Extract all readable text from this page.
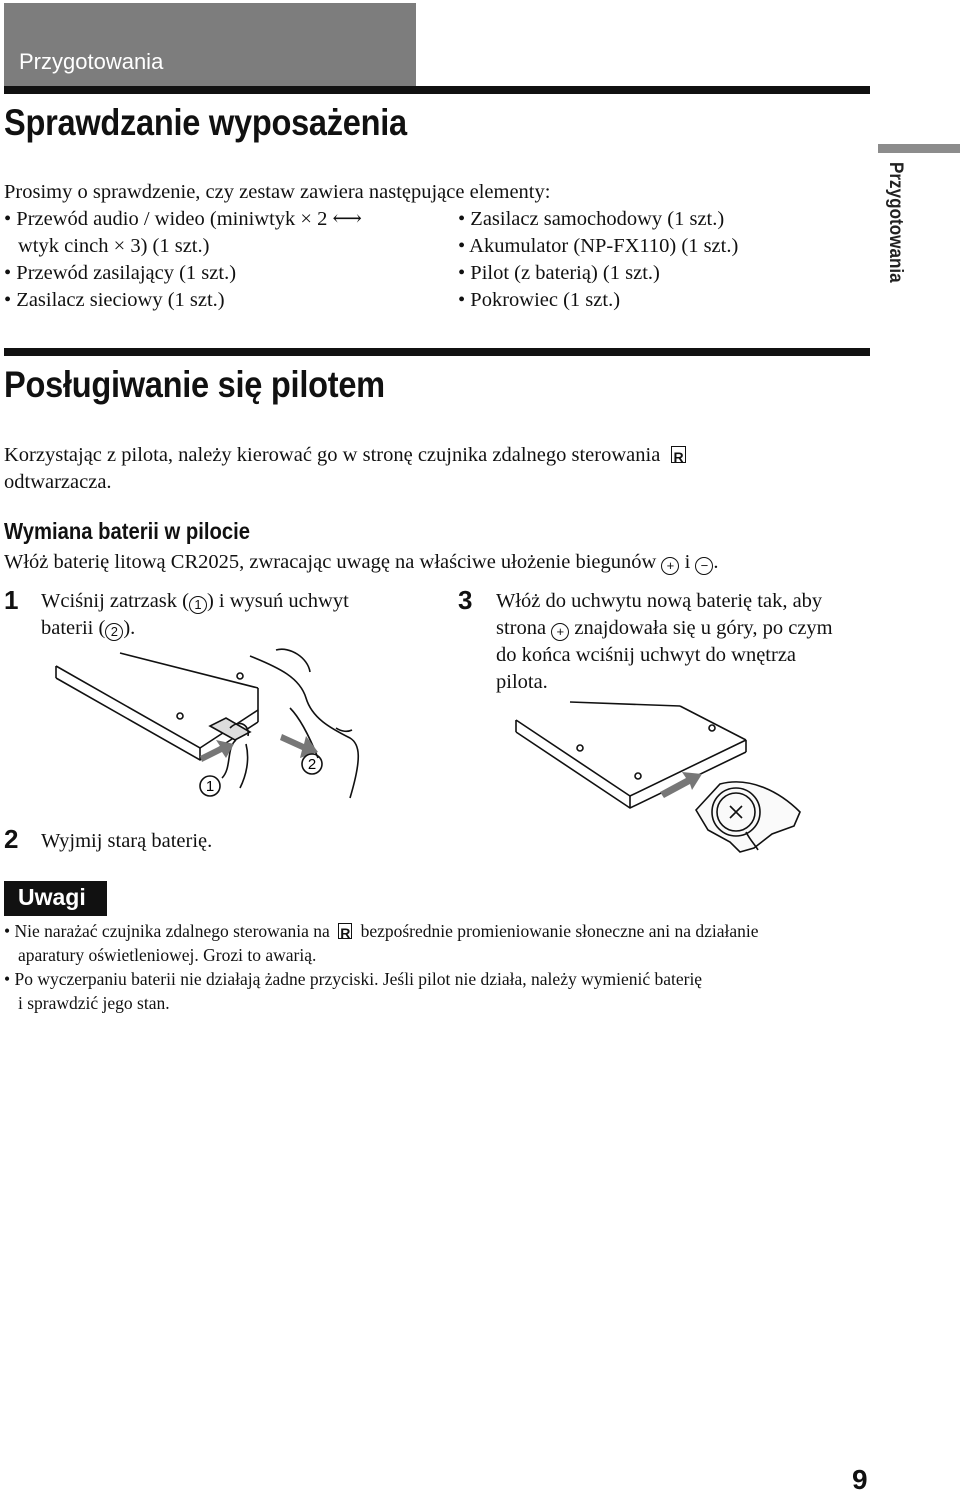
Przygotowania
Przygotowania
Sprawdzanie wyposażenia
Prosimy o sprawdzenie, czy zestaw zawiera następujące elementy:
• Przewód audio / wideo (miniwtyk × 2 ⟷
wtyk cinch × 3) (1 szt.)
• Przewód zasilający (1 szt.)
• Zasilacz sieciowy (1 szt.)
• Zasilacz samochodowy (1 szt.)
• Akumulator (NP-FX110) (1 szt.)
• Pilot (z baterią) (1 szt.)
• Pokrowiec (1 szt.)
Posługiwanie się pilotem
Korzystając z pilota, należy kierować go w stronę czujnika zdalnego sterowania R
odtwarzacza.
Wymiana baterii w pilocie
Włóż baterię litową CR2025, zwracając uwagę na właściwe ułożenie biegunów + i − .
1 Wciśnij zatrzask ( 1 ) i wysuń uchwyt
baterii ( 2 ).
1
2
2 Wyjmij starą baterię.
3 Włóż do uchwytu nową baterię tak, aby
strona + znajdowała się u góry, po czym
do końca wciśnij uchwyt do wnętrza
pilota.
Uwagi
• Nie narażać czujnika zdalnego sterowania na R bezpośrednie promieniowanie słoneczne ani na działanie
aparatury oświetleniowej. Grozi to awarią.
• Po wyczerpaniu baterii nie działają żadne przyciski. Jeśli pilot nie działa, należy wymienić baterię
i sprawdzić jego stan.
9
